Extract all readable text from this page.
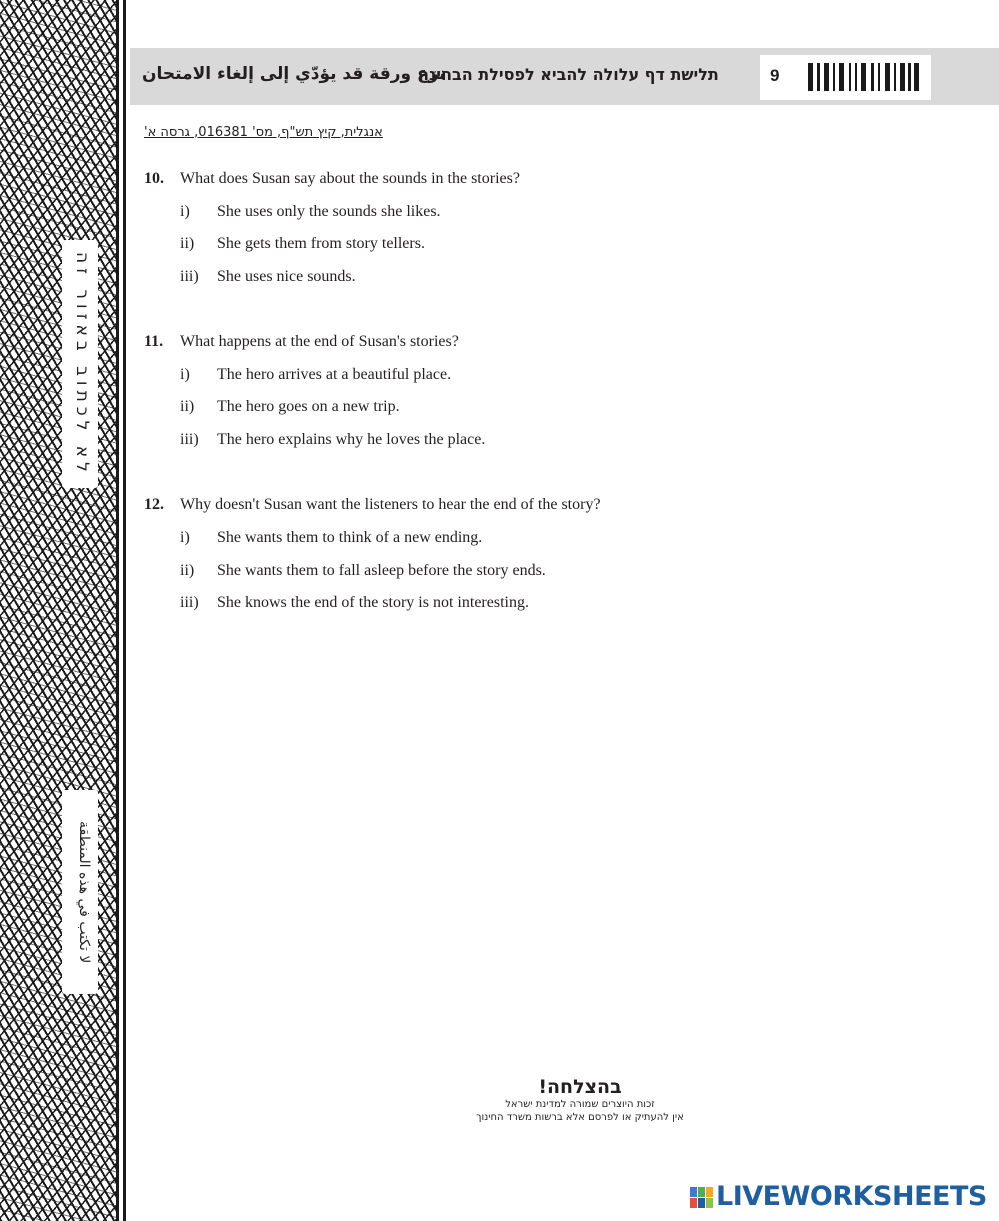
לא לכתוב באזור זה
لا تكتب في هذه المنطقة
نزع ورقة قد يؤدّي إلى إلغاء الامتحان
תלישת דף עלולה להביא לפסילת הבחינה	9
אנגלית, קיץ תש"ף, מס' 016381, גרסה א'
10. What does Susan say about the sounds in the stories?
i) She uses only the sounds she likes.
ii) She gets them from story tellers.
iii) She uses nice sounds.
11. What happens at the end of Susan's stories?
i) The hero arrives at a beautiful place.
ii) The hero goes on a new trip.
iii) The hero explains why he loves the place.
12. Why doesn't Susan want the listeners to hear the end of the story?
i) She wants them to think of a new ending.
ii) She wants them to fall asleep before the story ends.
iii) She knows the end of the story is not interesting.
בהצלחה!
זכות היוצרים שמורה למדינת ישראל
אין להעתיק או לפרסם אלא ברשות משרד החינוך
LIVEWORKSHEETS
